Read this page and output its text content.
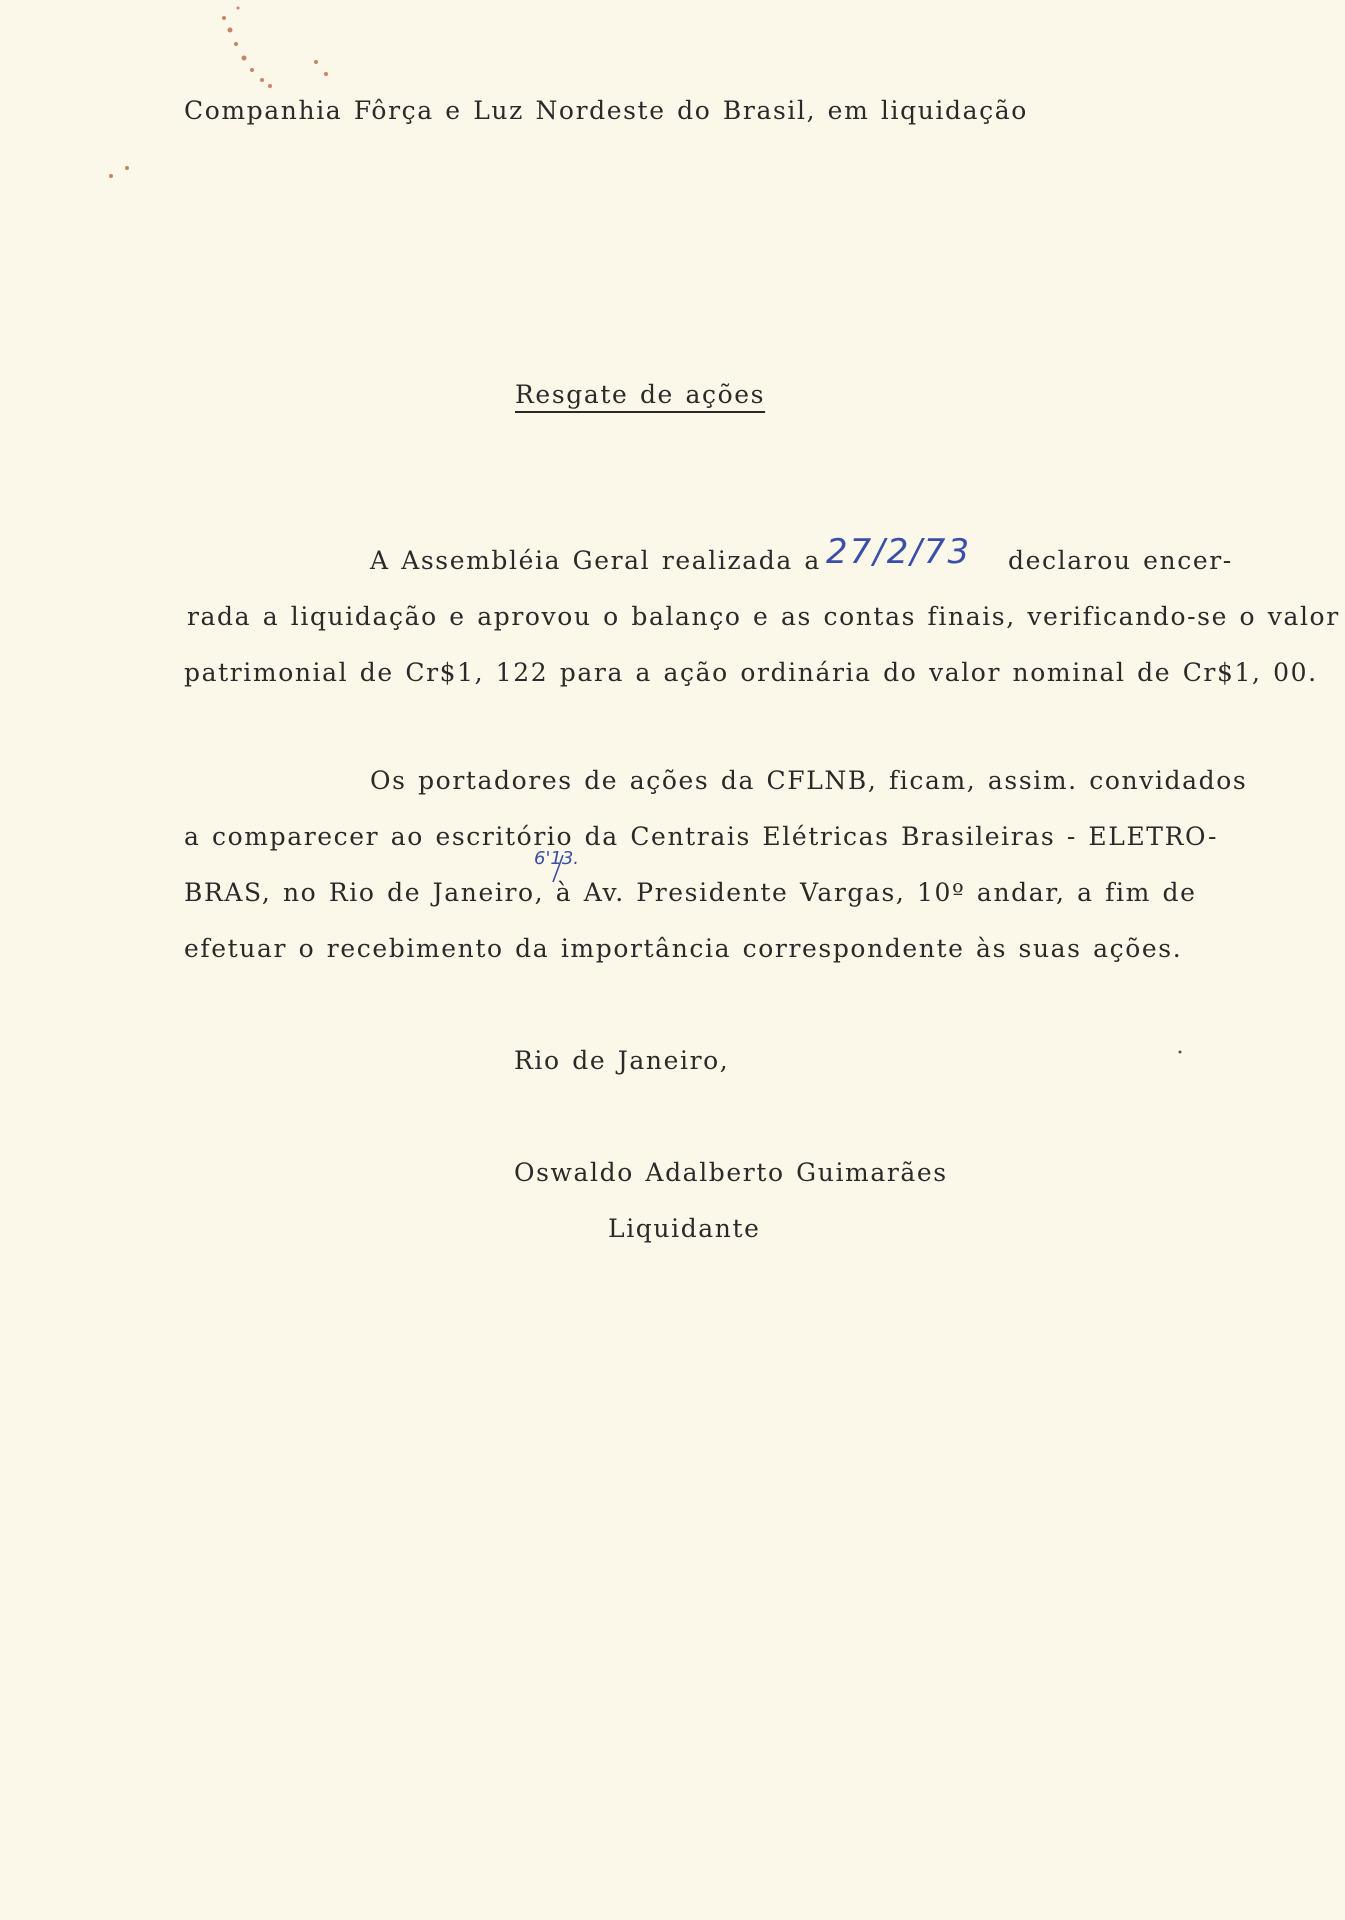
Companhia Fôrça e Luz Nordeste do Brasil, em liquidação
Resgate de ações
A Assembléia Geral realizada a 27/2/73 declarou encer-
rada a liquidação e aprovou o balanço e as contas finais, verificando-se o valor
patrimonial de Cr$1, 122 para a ação ordinária do valor nominal de Cr$1, 00.
Os portadores de ações da CFLNB, ficam, assim. convidados
a comparecer ao escritório da Centrais Elétricas Brasileiras - ELETRO-
6'13.
BRAS, no Rio de Janeiro, à Av. Presidente Vargas, 10º andar, a fim de
efetuar o recebimento da importância correspondente às suas ações.
Rio de Janeiro,
Oswaldo Adalberto Guimarães
Liquidante
